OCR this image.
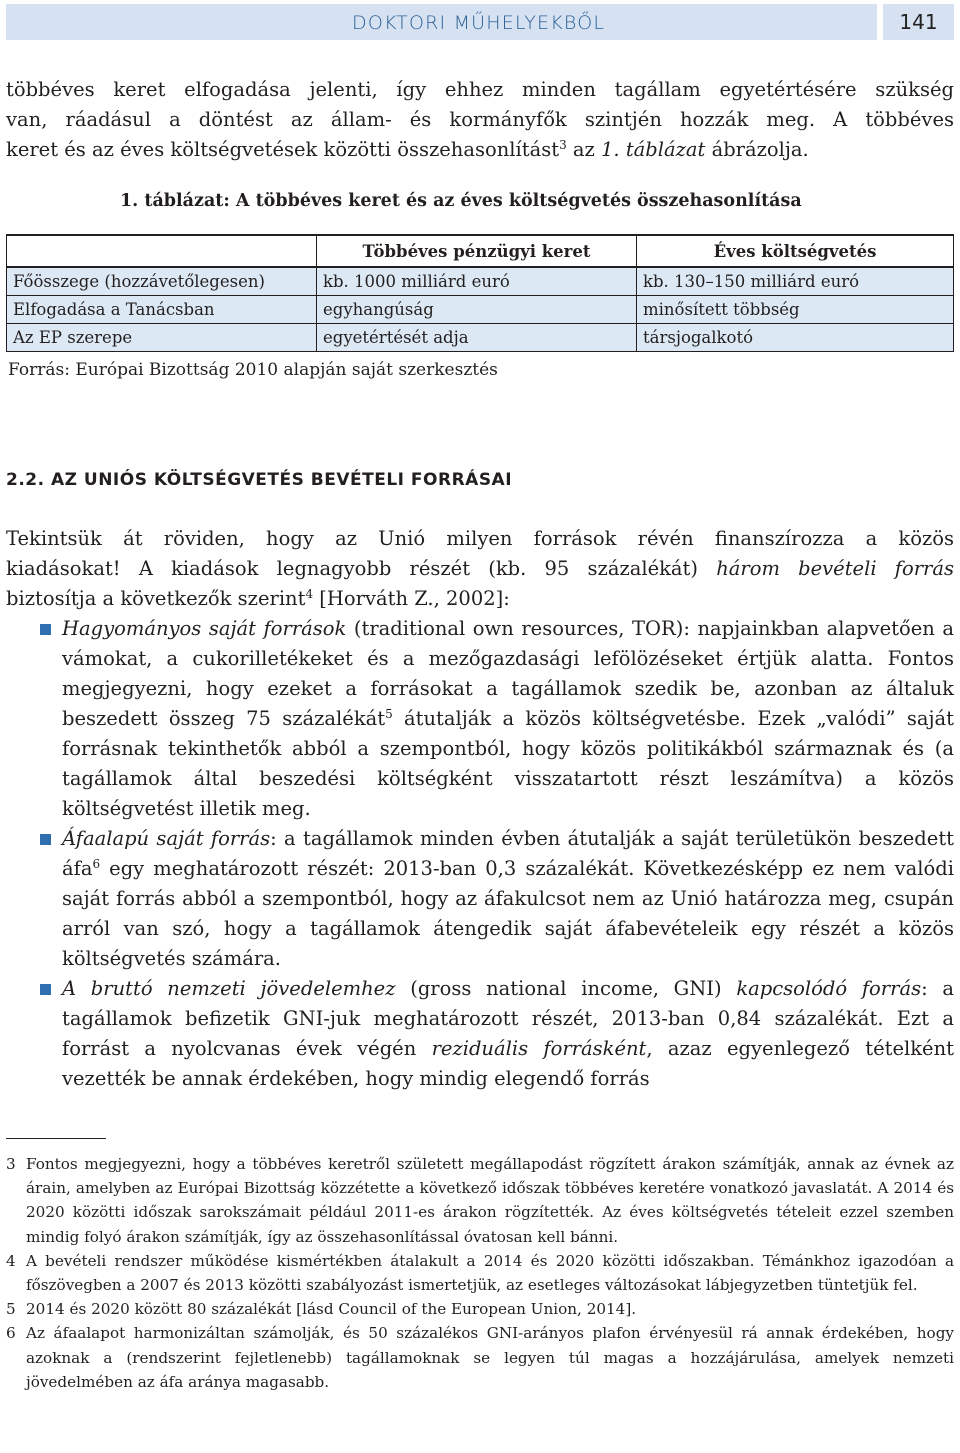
DOKTORI MŰHELYEKBŐL	141
többéves keret elfogadása jelenti, így ehhez minden tagállam egyetértésére szükség
van, ráadásul a döntést az állam- és kormányfők szintjén hozzák meg. A többéves
keret és az éves költségvetések közötti összehasonlítást$^3$ az 1. táblázat ábrázolja.
1. táblázat: A többéves keret és az éves költségvetés összehasonlítása
	Többéves pénzügyi keret	Éves költségvetés
Főösszege (hozzávetőlegesen)	kb. 1000 milliárd euró	kb. 130–150 milliárd euró
Elfogadása a Tanácsban	egyhangúság	minősített többség
Az EP szerepe	egyetértését adja	társjogalkotó
Forrás: Európai Bizottság 2010 alapján saját szerkesztés
2.2. AZ UNIÓS KÖLTSÉGVETÉS BEVÉTELI FORRÁSAI
Tekintsük át röviden, hogy az Unió milyen források révén finanszírozza a közös
kiadásokat! A kiadások legnagyobb részét (kb. 95 százalékát) három bevételi forrás
biztosítja a következők szerint$^4$ [Horváth Z., 2002]:
Hagyományos saját források (traditional own resources, TOR): napjainkban alapvetően a vámokat, a cukorilletékeket és a mezőgazdasági lefölözéseket értjük alatta. Fontos megjegyezni, hogy ezeket a forrásokat a tagállamok szedik be, azonban az általuk beszedett összeg 75 százalékát$^5$ átutalják a közös költségvetésbe. Ezek „valódi” saját forrásnak tekinthetők abból a szempontból, hogy közös politikákból származnak és (a tagállamok által beszedési költségként visszatartott részt leszámítva) a közös költségvetést illetik meg.
Áfaalapú saját forrás: a tagállamok minden évben átutalják a saját területükön beszedett áfa$^6$ egy meghatározott részét: 2013-ban 0,3 százalékát. Következésképp ez nem valódi saját forrás abból a szempontból, hogy az áfakulcsot nem az Unió határozza meg, csupán arról van szó, hogy a tagállamok átengedik saját áfabevételeik egy részét a közös költségvetés számára.
A bruttó nemzeti jövedelemhez (gross national income, GNI) kapcsolódó forrás: a tagállamok befizetik GNI-juk meghatározott részét, 2013-ban 0,84 százalékát. Ezt a forrást a nyolcvanas évek végén reziduális forrásként, azaz egyenlegező tételként vezették be annak érdekében, hogy mindig elegendő forrás
3 Fontos megjegyezni, hogy a többéves keretről született megállapodást rögzített árakon számítják, annak az évnek az árain, amelyben az Európai Bizottság közzétette a következő időszak többéves keretére vonatkozó javaslatát. A 2014 és 2020 közötti időszak sarokszámait például 2011-es árakon rögzítették. Az éves költségvetés tételeit ezzel szemben mindig folyó árakon számítják, így az összehasonlítással óvatosan kell bánni.
4 A bevételi rendszer működése kismértékben átalakult a 2014 és 2020 közötti időszakban. Témánkhoz igazodóan a főszövegben a 2007 és 2013 közötti szabályozást ismertetjük, az esetleges változásokat lábjegyzetben tüntetjük fel.
5 2014 és 2020 között 80 százalékát [lásd Council of the European Union, 2014].
6 Az áfaalapot harmonizáltan számolják, és 50 százalékos GNI-arányos plafon érvényesül rá annak érdekében, hogy azoknak a (rendszerint fejletlenebb) tagállamoknak se legyen túl magas a hozzájárulása, amelyek nemzeti jövedelmében az áfa aránya magasabb.
